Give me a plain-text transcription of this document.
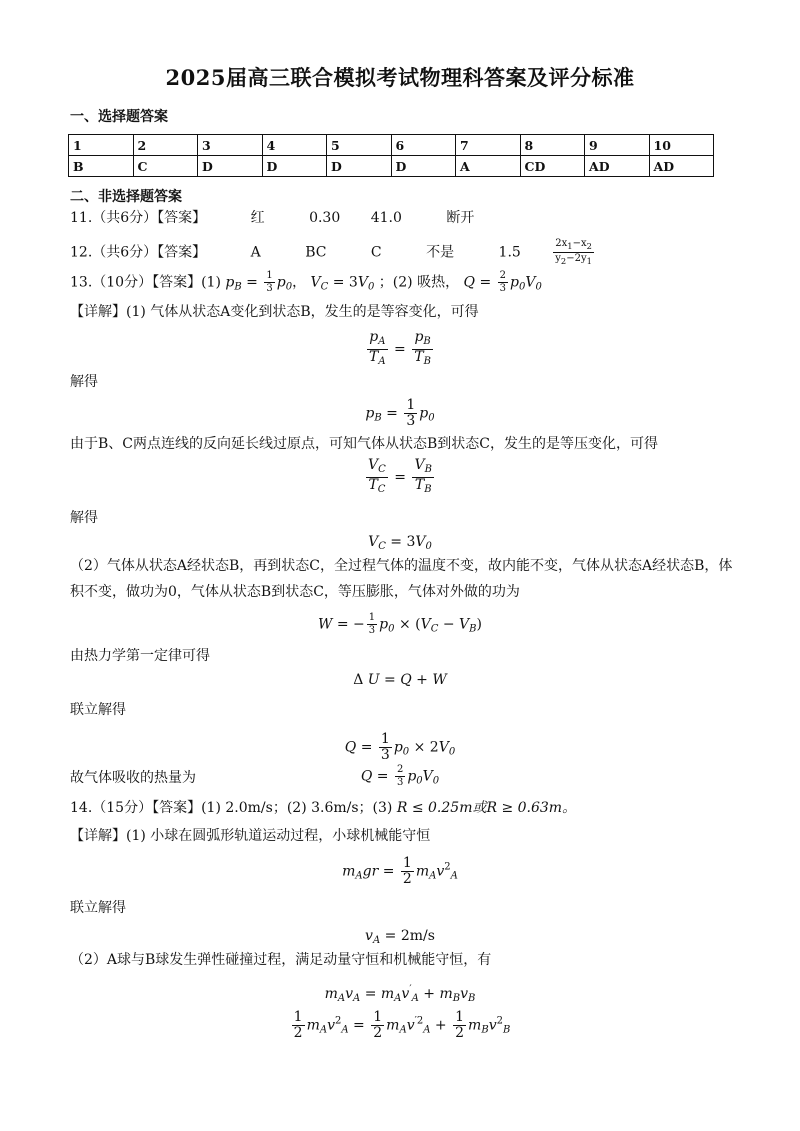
2025届高三联合模拟考试物理科答案及评分标准
一、选择题答案
1	2	3	4	5	6	7	8	9	10
B	C	D	D	D	D	A	CD	AD	AD
二、非选择题答案
11.（共6分）【答案】	红	0.30 41.0	断开
12.（共6分）【答案】	A	BC	C	不是	1.5	$\frac{2x_1-x_2}{y_2-2y_1}$
13.（10分）【答案】(1) $p_B = \frac{1}{3} p_0$， $V_C = 3V_0$ ；(2) 吸热， $Q = \frac{2}{3} p_0V_0$
【详解】(1) 气体从状态A变化到状态B，发生的是等容变化，可得
$\frac{p_A}{T_A} = \frac{p_B}{T_B}$
解得
$p_B = \frac{1}{3} p_0$
由于B、C两点连线的反向延长线过原点，可知气体从状态B到状态C，发生的是等压变化，可得
$\frac{V_C}{T_C} = \frac{V_B}{T_B}$
解得
$V_C = 3V_0$
（2）气体从状态A经状态B，再到状态C，全过程气体的温度不变，故内能不变，气体从状态A经状态B，体
积不变，做功为0，气体从状态B到状态C，等压膨胀，气体对外做的功为
W = − $\frac{1}{3} p_0 \times (V_C - V_B)$
由热力学第一定律可得
Δ U = Q + W
联立解得
$Q = \frac{1}{3} p_0 \times 2V_0$
故气体吸收的热量为	$Q = \frac{2}{3} p_0V_0$
14.（15分）【答案】(1) 2.0m/s；(2) 3.6m/s；(3) R ≤ 0.25m或R ≥ 0.63m。
【详解】(1) 小球在圆弧形轨道运动过程，小球机械能守恒
$m_Agr = \frac{1}{2} m_Av^2_A$
联立解得
$v_A = 2m/s$
（2）A球与B球发生弹性碰撞过程，满足动量守恒和机械能守恒，有
$m_Av_A = m_Av'_A + m_Bv_B$
$\frac{1}{2} m_Av^2_A = \frac{1}{2} m_Av^{'2}_A + \frac{1}{2} m_Bv^2_B$
